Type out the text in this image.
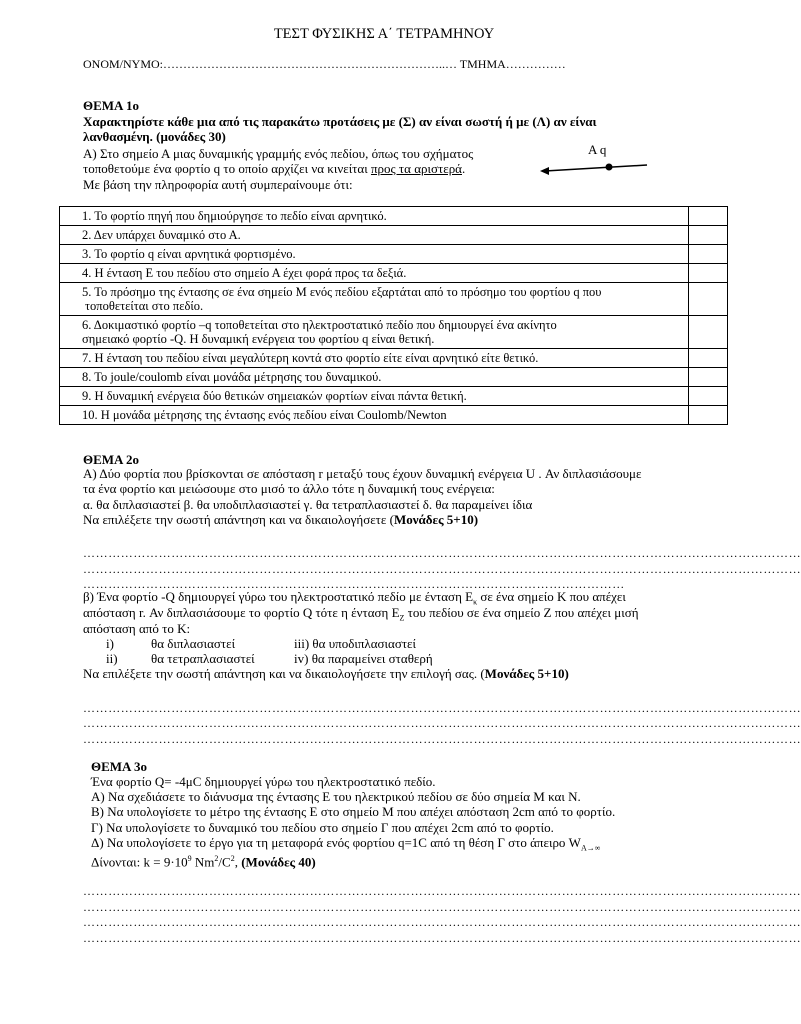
ΤΕΣΤ ΦΥΣΙΚΗΣ Α΄ ΤΕΤΡΑΜΗΝΟΥ
ΟΝΟΜ/ΝΥΜΟ:……………………………………………………………..… ΤΜΗΜΑ……………
ΘΕΜΑ 1ο
Χαρακτηρίστε κάθε μια από τις παρακάτω προτάσεις με (Σ) αν είναι σωστή ή με (Λ) αν είναι
λανθασμένη. (μονάδες 30)
Α) Στο σημείο Α μιας δυναμικής γραμμής ενός πεδίου, όπως του σχήματος
τοποθετούμε ένα φορτίο q το οποίο αρχίζει να κινείται προς τα αριστερά.
Με βάση την πληροφορία αυτή συμπεραίνουμε ότι:
Α q
1. Το φορτίο πηγή που δημιούργησε το πεδίο είναι αρνητικό.	
2. Δεν υπάρχει δυναμικό στο Α.	
3. Το φορτίο q είναι αρνητικά φορτισμένο.	
4. Η ένταση Ε του πεδίου στο σημείο Α έχει φορά προς τα δεξιά.	
5. Το πρόσημο της έντασης σε ένα σημείο Μ ενός πεδίου εξαρτάται από το πρόσημο του φορτίου q που
τοποθετείται στο πεδίο.	
6. Δοκιμαστικό φορτίο –q τοποθετείται στο ηλεκτροστατικό πεδίο που δημιουργεί ένα ακίνητο
σημειακό φορτίο -Q. Η δυναμική ενέργεια του φορτίου q είναι θετική.	
7. Η ένταση του πεδίου είναι μεγαλύτερη κοντά στο φορτίο είτε είναι αρνητικό είτε θετικό.	
8. Το joule/coulomb είναι μονάδα μέτρησης του δυναμικού.	
9. Η δυναμική ενέργεια δύο θετικών σημειακών φορτίων είναι πάντα θετική.	
10. Η μονάδα μέτρησης της έντασης ενός πεδίου είναι Coulomb/Newton	
ΘΕΜΑ 2ο
Α) Δύο φορτία που βρίσκονται σε απόσταση r μεταξύ τους έχουν δυναμική ενέργεια U . Αν διπλασιάσουμε
τα ένα φορτίο και μειώσουμε στο μισό το άλλο τότε η δυναμική τους ενέργεια:
α. θα διπλασιαστεί β. θα υποδιπλασιαστεί γ. θα τετραπλασιαστεί δ. θα παραμείνει ίδια
Να επιλέξετε την σωστή απάντηση και να δικαιολογήσετε (Μονάδες 5+10)
………………………………………………………………………………………………………………………………………………………
………………………………………………………………………………………………………………………………………………………
…………………………………………………………………………………………………………………
β) Ένα φορτίο -Q δημιουργεί γύρω του ηλεκτροστατικό πεδίο με ένταση $E_\kappa$ σε ένα σημείο Κ που απέχει
απόσταση r. Αν διπλασιάσουμε το φορτίο Q τότε η ένταση $E_Z$ του πεδίου σε ένα σημείο Ζ που απέχει μισή
απόσταση από το Κ:
i)	θα διπλασιαστεί	iii) θα υποδιπλασιαστεί
ii)	θα τετραπλασιαστεί	iv) θα παραμείνει σταθερή
Να επιλέξετε την σωστή απάντηση και να δικαιολογήσετε την επιλογή σας. (Μονάδες 5+10)
………………………………………………………………………………………………………………………………………………………
………………………………………………………………………………………………………………………………………………………
………………………………………………………………………………………………………………………………………………………
ΘΕΜΑ 3ο
Ένα φορτίο Q= -4μC δημιουργεί γύρω του ηλεκτροστατικό πεδίο.
Α) Να σχεδιάσετε το διάνυσμα της έντασης Ε του ηλεκτρικού πεδίου σε δύο σημεία Μ και Ν.
Β) Να υπολογίσετε το μέτρο της έντασης Ε στο σημείο Μ που απέχει απόσταση 2cm από το φορτίο.
Γ) Να υπολογίσετε το δυναμικό του πεδίου στο σημείο Γ που απέχει 2cm από το φορτίο.
Δ) Να υπολογίσετε το έργο για τη μεταφορά ενός φορτίου q=1C από τη θέση Γ στο άπειρο $W_{A\to\infty}$
Δίνονται: $k = 9\cdot 10^9$ $Nm^2/C^2$, (Μονάδες 40)
………………………………………………………………………………………………………………………………………………………
………………………………………………………………………………………………………………………………………………………
………………………………………………………………………………………………………………………………………………………
………………………………………………………………………………………………………………………………………………………
